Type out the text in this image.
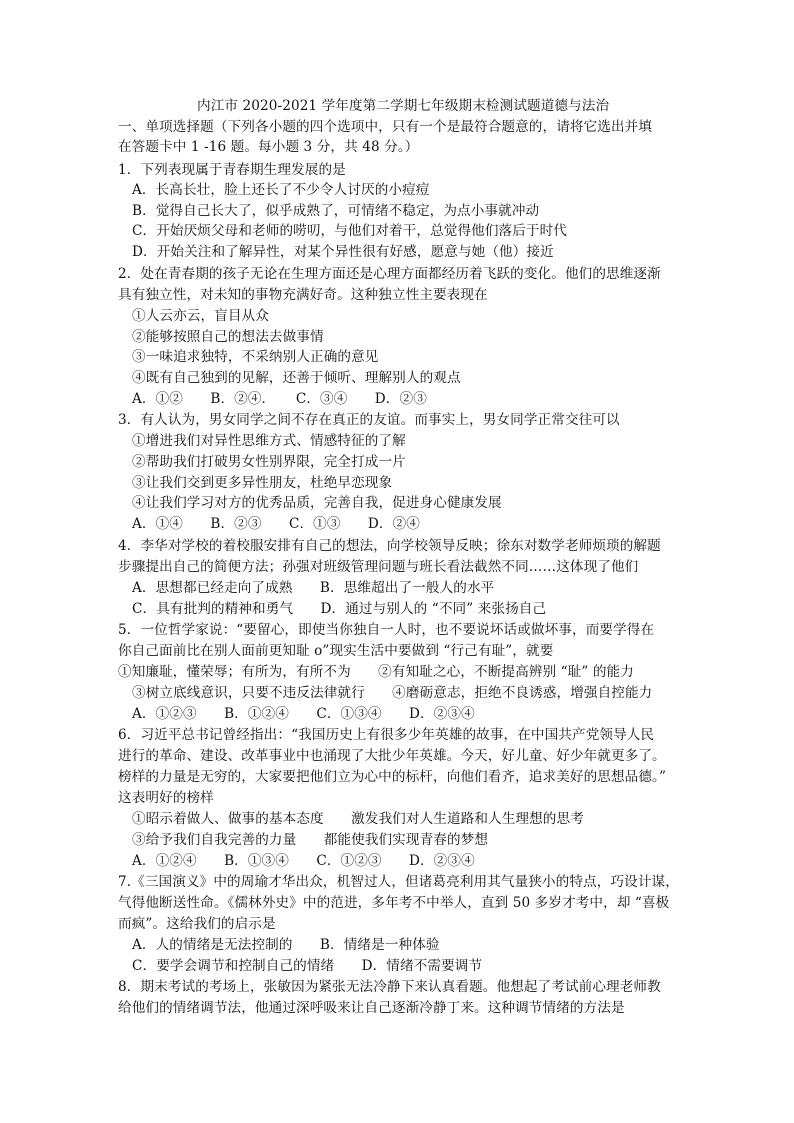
内江市 2020-2021 学年度第二学期七年级期末检测试题道德与法治
一、单项选择题（下列各小题的四个选项中，只有一个是最符合题意的，请将它选出并填
在答题卡中 1 -16 题。每小题 3 分，共 48 分。）
1．下列表现属于青春期生理发展的是
A．长高长壮，脸上还长了不少令人讨厌的小痘痘
B．觉得自己长大了，似乎成熟了，可情绪不稳定，为点小事就冲动
C．开始厌烦父母和老师的唠叨，与他们对着干，总觉得他们落后于时代
D．开始关注和了解异性，对某个异性很有好感，愿意与她（他）接近
2．处在青春期的孩子无论在生理方面还是心理方面都经历着飞跃的变化。他们的思维逐渐
具有独立性，对未知的事物充满好奇。这种独立性主要表现在
①人云亦云，盲目从众
②能够按照自己的想法去做事情
③一味追求独特，不采纳别人正确的意见
④既有自己独到的见解，还善于倾听、理解别人的观点
A．①②　　B．②④．　　C．③④　　D．②③
3．有人认为，男女同学之间不存在真正的友谊。而事实上，男女同学正常交往可以
①增进我们对异性思维方式、情感特征的了解
②帮助我们打破男女性别界限，完全打成一片
③让我们交到更多异性朋友，杜绝早恋现象
④让我们学习对方的优秀品质，完善自我，促进身心健康发展
A．①④　　B．②③　　C．①③　　D．②④
4．李华对学校的着校服安排有自己的想法，向学校领导反映；徐东对数学老师烦琐的解题
步骤提出自己的简便方法；孙强对班级管理问题与班长看法截然不同……这体现了他们
A．思想都已经走向了成熟　　B．思维超出了一般人的水平
C．具有批判的精神和勇气　　D．通过与别人的 “不同” 来张扬自己
5．一位哲学家说：“要留心，即使当你独自一人时，也不要说坏话或做坏事，而要学得在
你自己面前比在别人面前更知耻 o”现实生活中要做到 “行己有耻”，就要
①知廉耻，懂荣辱；有所为，有所不为　　②有知耻之心，不断提高辨别 “耻” 的能力
③树立底线意识，只要不违反法律就行　　④磨砺意志，拒绝不良诱惑，增强自控能力
A．①②③　　B．①②④　　C．①③④　　D．②③④
6．习近平总书记曾经指出：“我国历史上有很多少年英雄的故事，在中国共产党领导人民
进行的革命、建设、改革事业中也涌现了大批少年英雄。今天，好儿童、好少年就更多了。
榜样的力量是无穷的，大家要把他们立为心中的标杆，向他们看齐，追求美好的思想品德。”
这表明好的榜样
①昭示着做人、做事的基本态度　　激发我们对人生道路和人生理想的思考
③给予我们自我完善的力量　　都能使我们实现青春的梦想
A．①②④　　B．①③④　　C．①②③　　D．②③④
7.《三国演义》中的周瑜才华出众，机智过人，但诸葛亮利用其气量狭小的特点，巧设计谋，
气得他断送性命。《儒林外史》中的范进，多年考不中举人，直到 50 多岁才考中，却 “喜极
而疯”。这给我们的启示是
A．人的情绪是无法控制的　　B．情绪是一种体验
C．要学会调节和控制自己的情绪　　D．情绪不需要调节
8．期末考试的考场上，张敏因为紧张无法冷静下来认真看题。他想起了考试前心理老师教
给他们的情绪调节法，他通过深呼吸来让自己逐渐冷静丁来。这种调节情绪的方法是
